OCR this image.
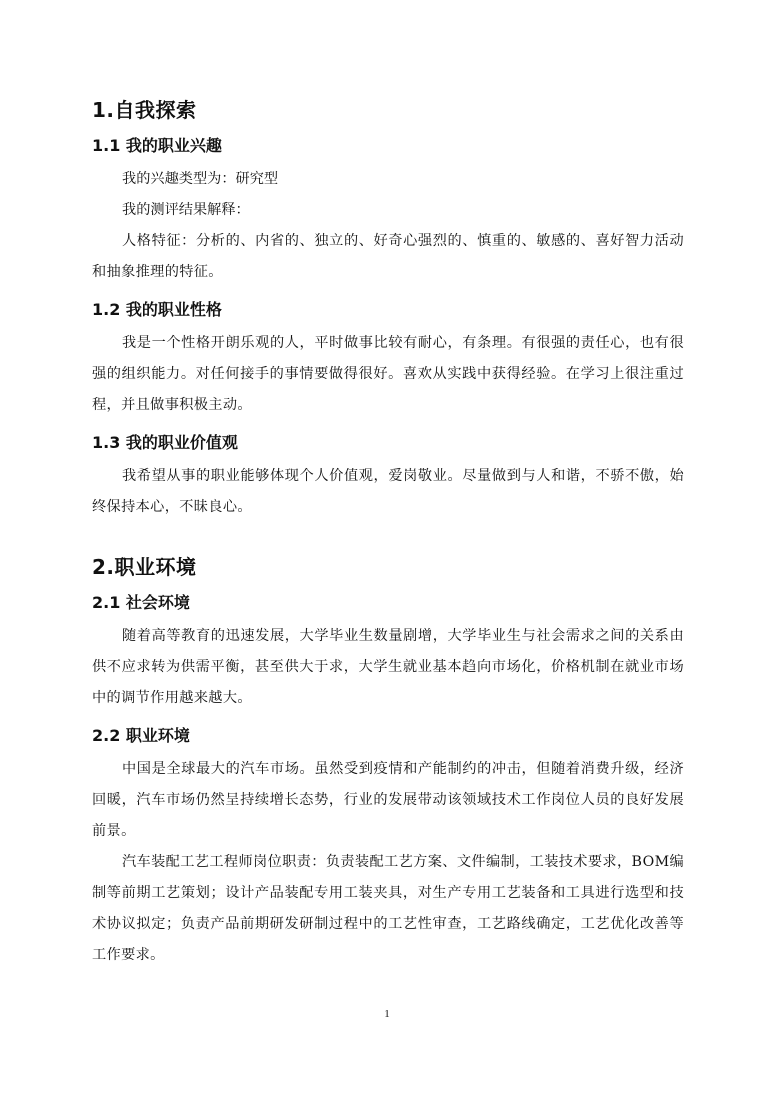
1.自我探索
1.1 我的职业兴趣

我的兴趣类型为：研究型

我的测评结果解释：

人格特征：分析的、内省的、独立的、好奇心强烈的、慎重的、敏感的、喜好智力活动和抽象推理的特征。

1.2 我的职业性格

我是一个性格开朗乐观的人，平时做事比较有耐心，有条理。有很强的责任心，也有很强的组织能力。对任何接手的事情要做得很好。喜欢从实践中获得经验。在学习上很注重过程，并且做事积极主动。

1.3 我的职业价值观

我希望从事的职业能够体现个人价值观，爱岗敬业。尽量做到与人和谐，不骄不傲，始终保持本心，不昧良心。

2.职业环境
2.1 社会环境

随着高等教育的迅速发展，大学毕业生数量剧增，大学毕业生与社会需求之间的关系由供不应求转为供需平衡，甚至供大于求，大学生就业基本趋向市场化，价格机制在就业市场中的调节作用越来越大。

2.2 职业环境

中国是全球最大的汽车市场。虽然受到疫情和产能制约的冲击，但随着消费升级，经济回暖，汽车市场仍然呈持续增长态势，行业的发展带动该领域技术工作岗位人员的良好发展前景。

汽车装配工艺工程师岗位职责：负责装配工艺方案、文件编制，工装技术要求，BOM编制等前期工艺策划；设计产品装配专用工装夹具，对生产专用工艺装备和工具进行选型和技术协议拟定；负责产品前期研发研制过程中的工艺性审查，工艺路线确定，工艺优化改善等工作要求。

1
